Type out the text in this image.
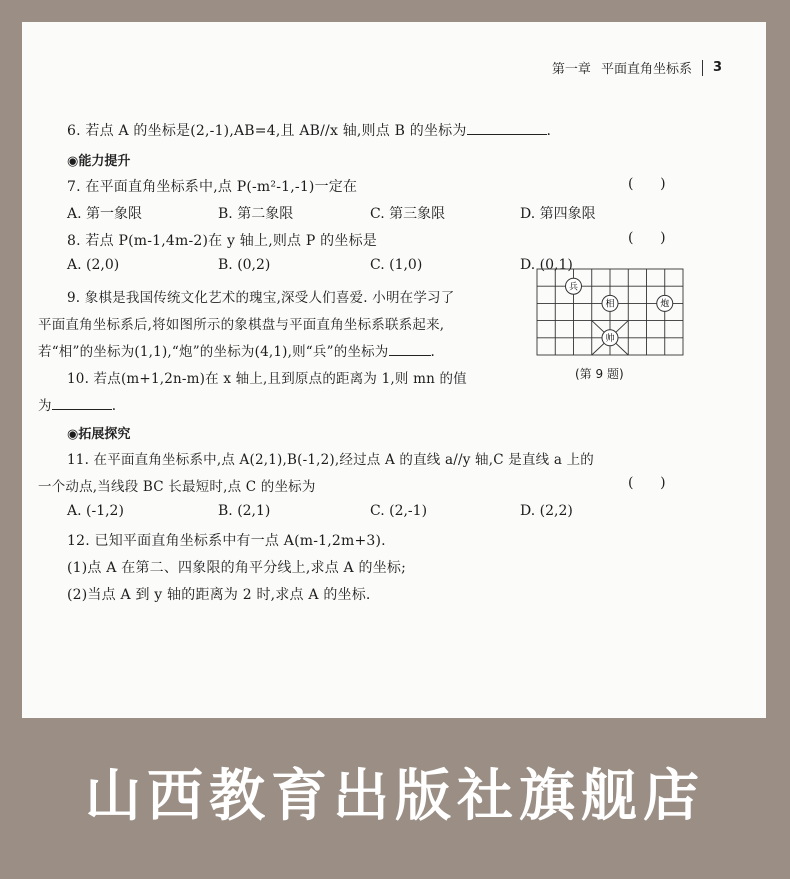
第一章 平面直角坐标系 3
6. 若点 A 的坐标是(2,-1),AB=4,且 AB//x 轴,则点 B 的坐标为	.
◉能力提升
7. 在平面直角坐标系中,点 P(-m²-1,-1)一定在	(      )
A. 第一象限	B. 第二象限	C. 第三象限	D. 第四象限
8. 若点 P(m-1,4m-2)在 y 轴上,则点 P 的坐标是	(      )
A. (2,0)	B. (0,2)	C. (1,0)	D. (0,1)
9. 象棋是我国传统文化艺术的瑰宝,深受人们喜爱. 小明在学习了
平面直角坐标系后,将如图所示的象棋盘与平面直角坐标系联系起来,
若“相”的坐标为(1,1),“炮”的坐标为(4,1),则“兵”的坐标为	.
兵
相	炮
帅
(第 9 题)
10. 若点(m+1,2n-m)在 x 轴上,且到原点的距离为 1,则 mn 的值
为	.
◉拓展探究
11. 在平面直角坐标系中,点 A(2,1),B(-1,2),经过点 A 的直线 a//y 轴,C 是直线 a 上的
一个动点,当线段 BC 长最短时,点 C 的坐标为	(      )
A. (-1,2)	B. (2,1)	C. (2,-1)	D. (2,2)
12. 已知平面直角坐标系中有一点 A(m-1,2m+3).
(1)点 A 在第二、四象限的角平分线上,求点 A 的坐标;
(2)当点 A 到 y 轴的距离为 2 时,求点 A 的坐标.
山西教育出版社旗舰店
